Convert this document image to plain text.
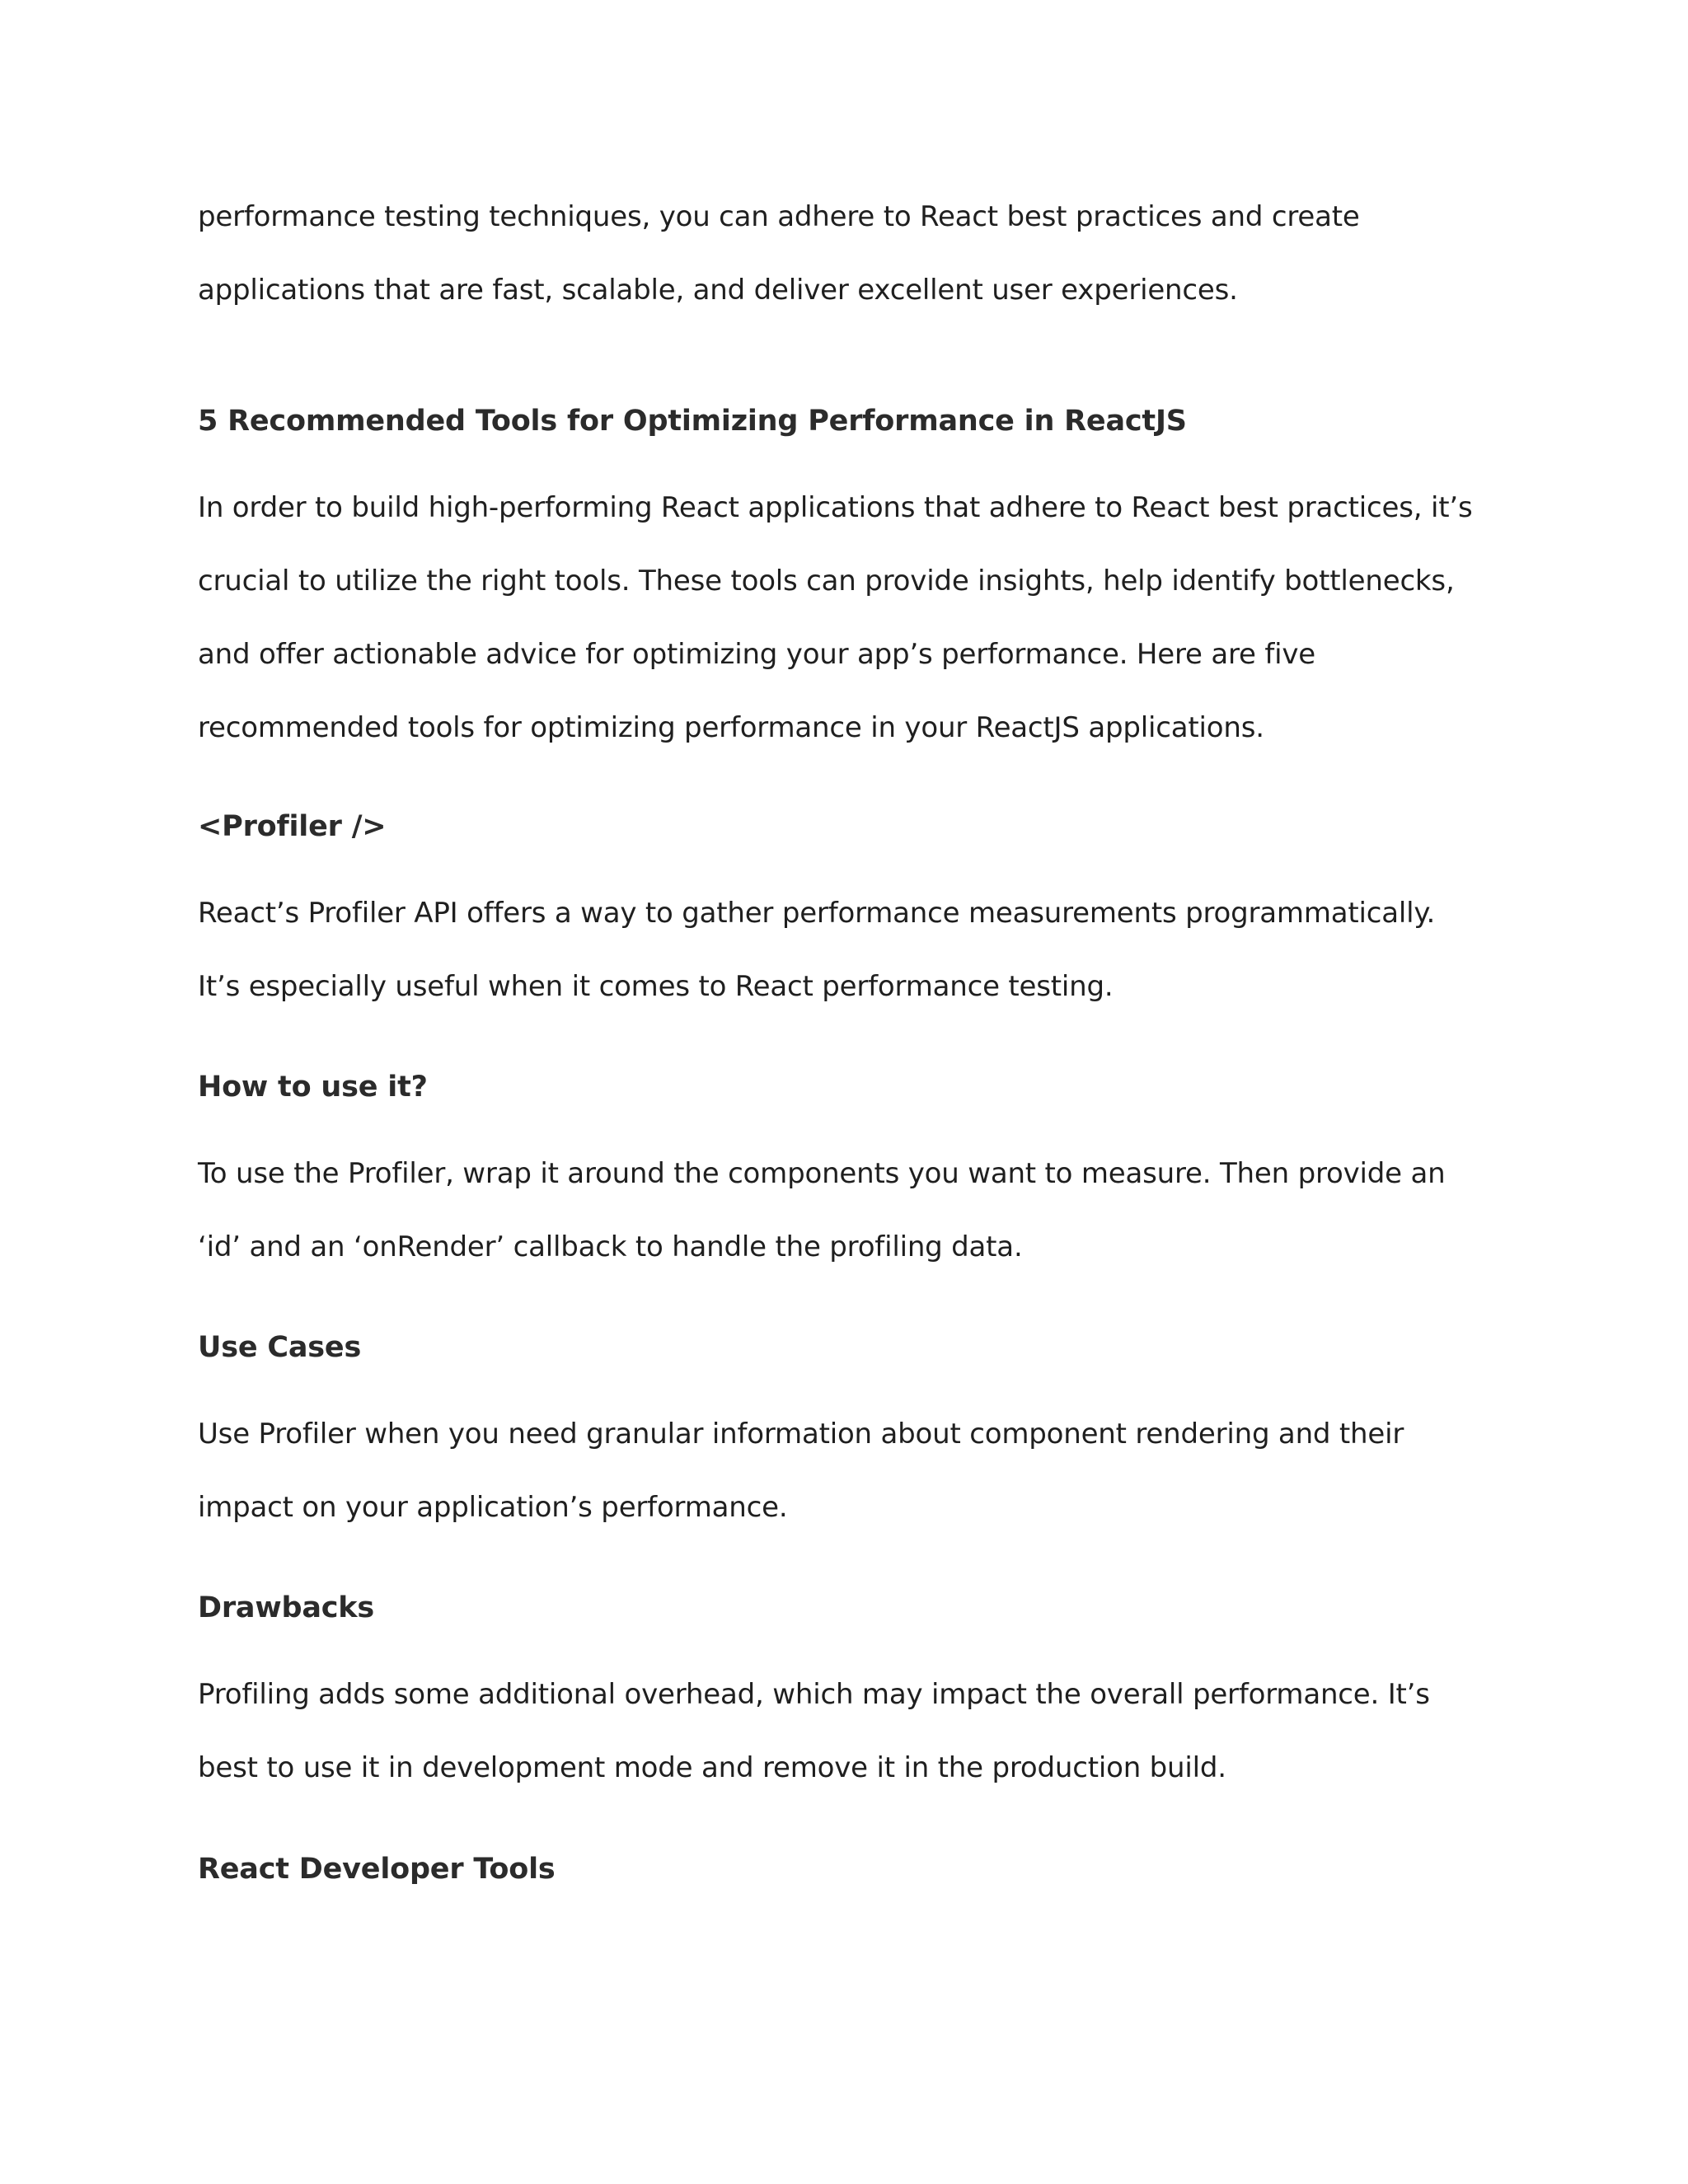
performance testing techniques, you can adhere to React best practices and create
applications that are fast, scalable, and deliver excellent user experiences.

5 Recommended Tools for Optimizing Performance in ReactJS

In order to build high-performing React applications that adhere to React best practices, it’s
crucial to utilize the right tools. These tools can provide insights, help identify bottlenecks,
and offer actionable advice for optimizing your app’s performance. Here are five
recommended tools for optimizing performance in your ReactJS applications.

<Profiler />

React’s Profiler API offers a way to gather performance measurements programmatically.
It’s especially useful when it comes to React performance testing.

How to use it?

To use the Profiler, wrap it around the components you want to measure. Then provide an
‘id’ and an ‘onRender’ callback to handle the profiling data.

Use Cases

Use Profiler when you need granular information about component rendering and their
impact on your application’s performance.

Drawbacks

Profiling adds some additional overhead, which may impact the overall performance. It’s
best to use it in development mode and remove it in the production build.

React Developer Tools
